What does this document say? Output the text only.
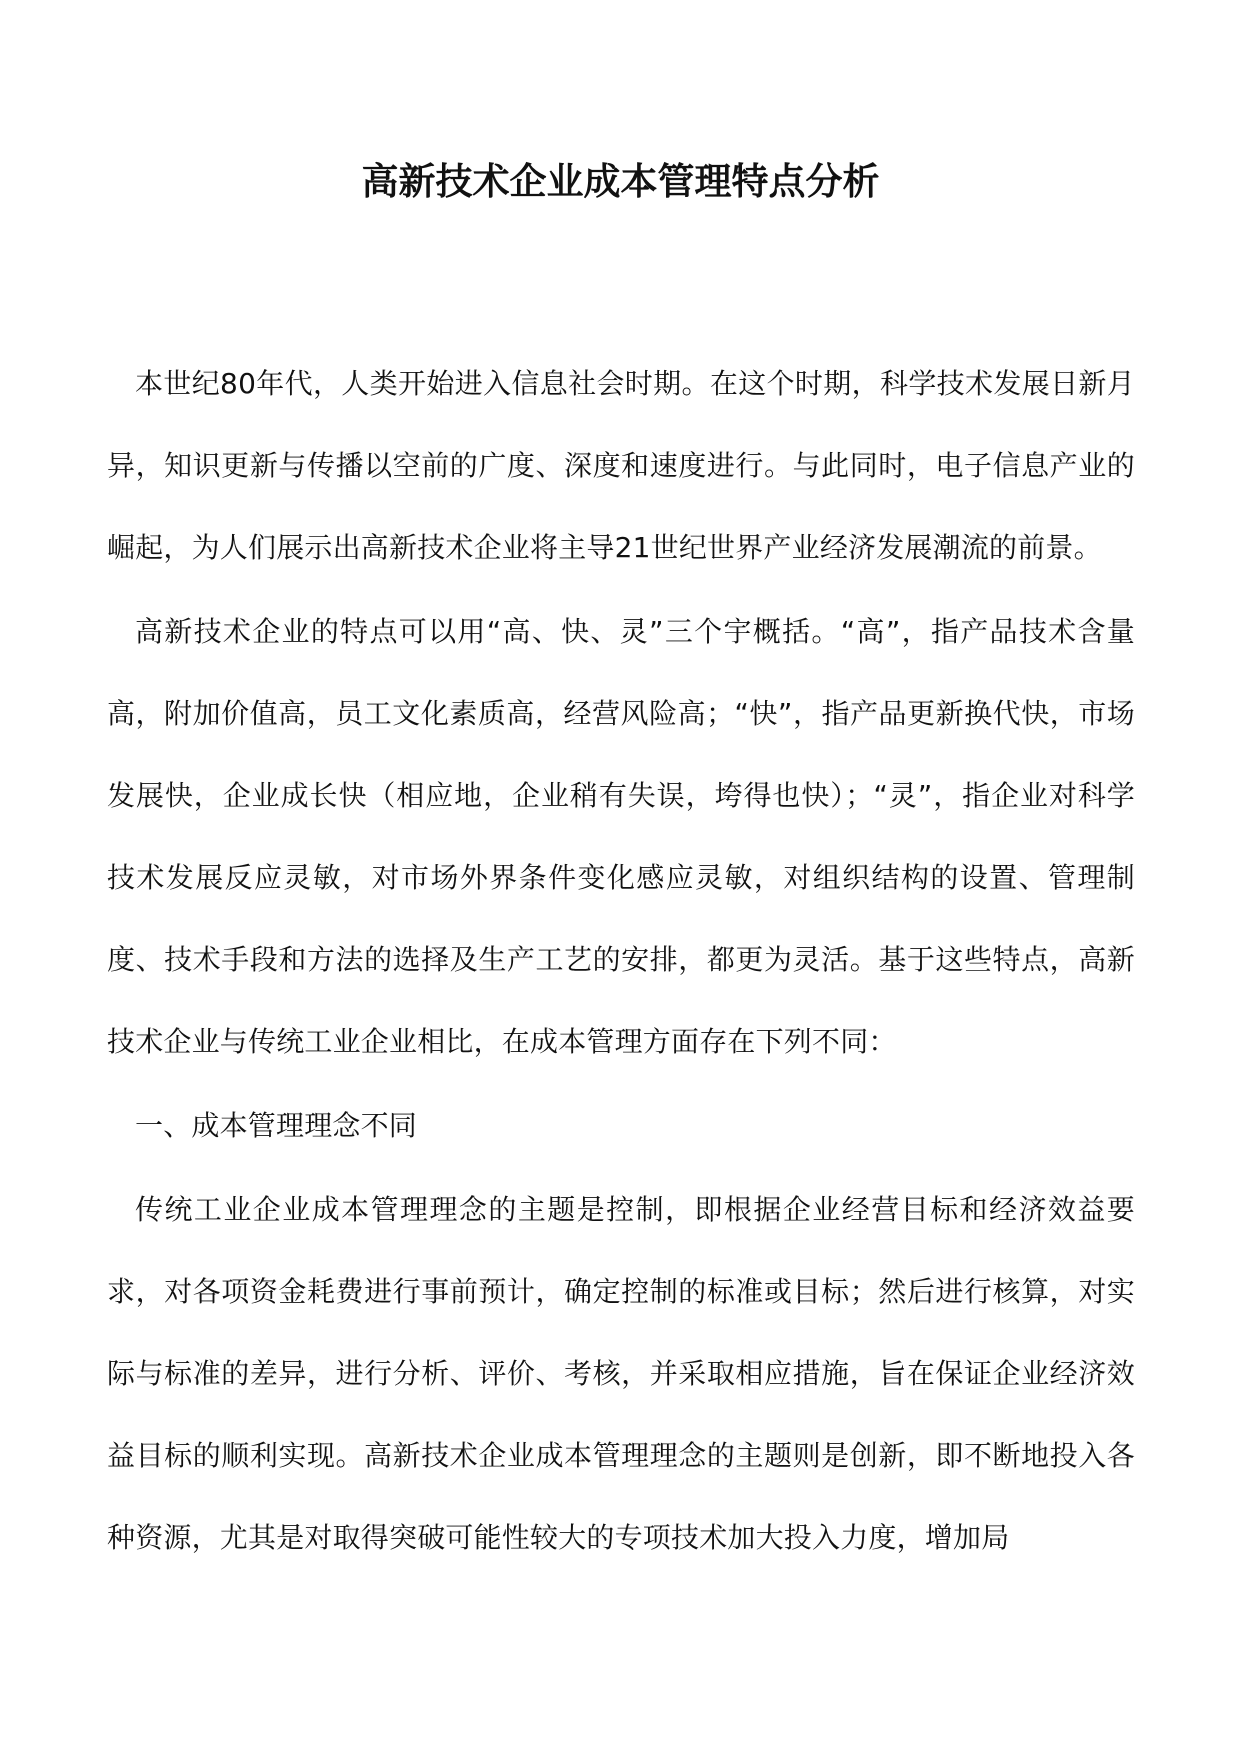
高新技术企业成本管理特点分析

本世纪80年代，人类开始进入信息社会时期。在这个时期，科学技术发展日新月异，知识更新与传播以空前的广度、深度和速度进行。与此同时，电子信息产业的崛起，为人们展示出高新技术企业将主导21世纪世界产业经济发展潮流的前景。

高新技术企业的特点可以用“高、快、灵”三个宇概括。“高”，指产品技术含量高，附加价值高，员工文化素质高，经营风险高；“快”，指产品更新换代快，市场发展快，企业成长快（相应地，企业稍有失误，垮得也快）；“灵”，指企业对科学技术发展反应灵敏，对市场外界条件变化感应灵敏，对组织结构的设置、管理制度、技术手段和方法的选择及生产工艺的安排，都更为灵活。基于这些特点，高新技术企业与传统工业企业相比，在成本管理方面存在下列不同：

一、成本管理理念不同

传统工业企业成本管理理念的主题是控制，即根据企业经营目标和经济效益要求，对各项资金耗费进行事前预计，确定控制的标准或目标；然后进行核算，对实际与标准的差异，进行分析、评价、考核，并采取相应措施，旨在保证企业经济效益目标的顺利实现。高新技术企业成本管理理念的主题则是创新，即不断地投入各种资源，尤其是对取得突破可能性较大的专项技术加大投入力度，增加局
